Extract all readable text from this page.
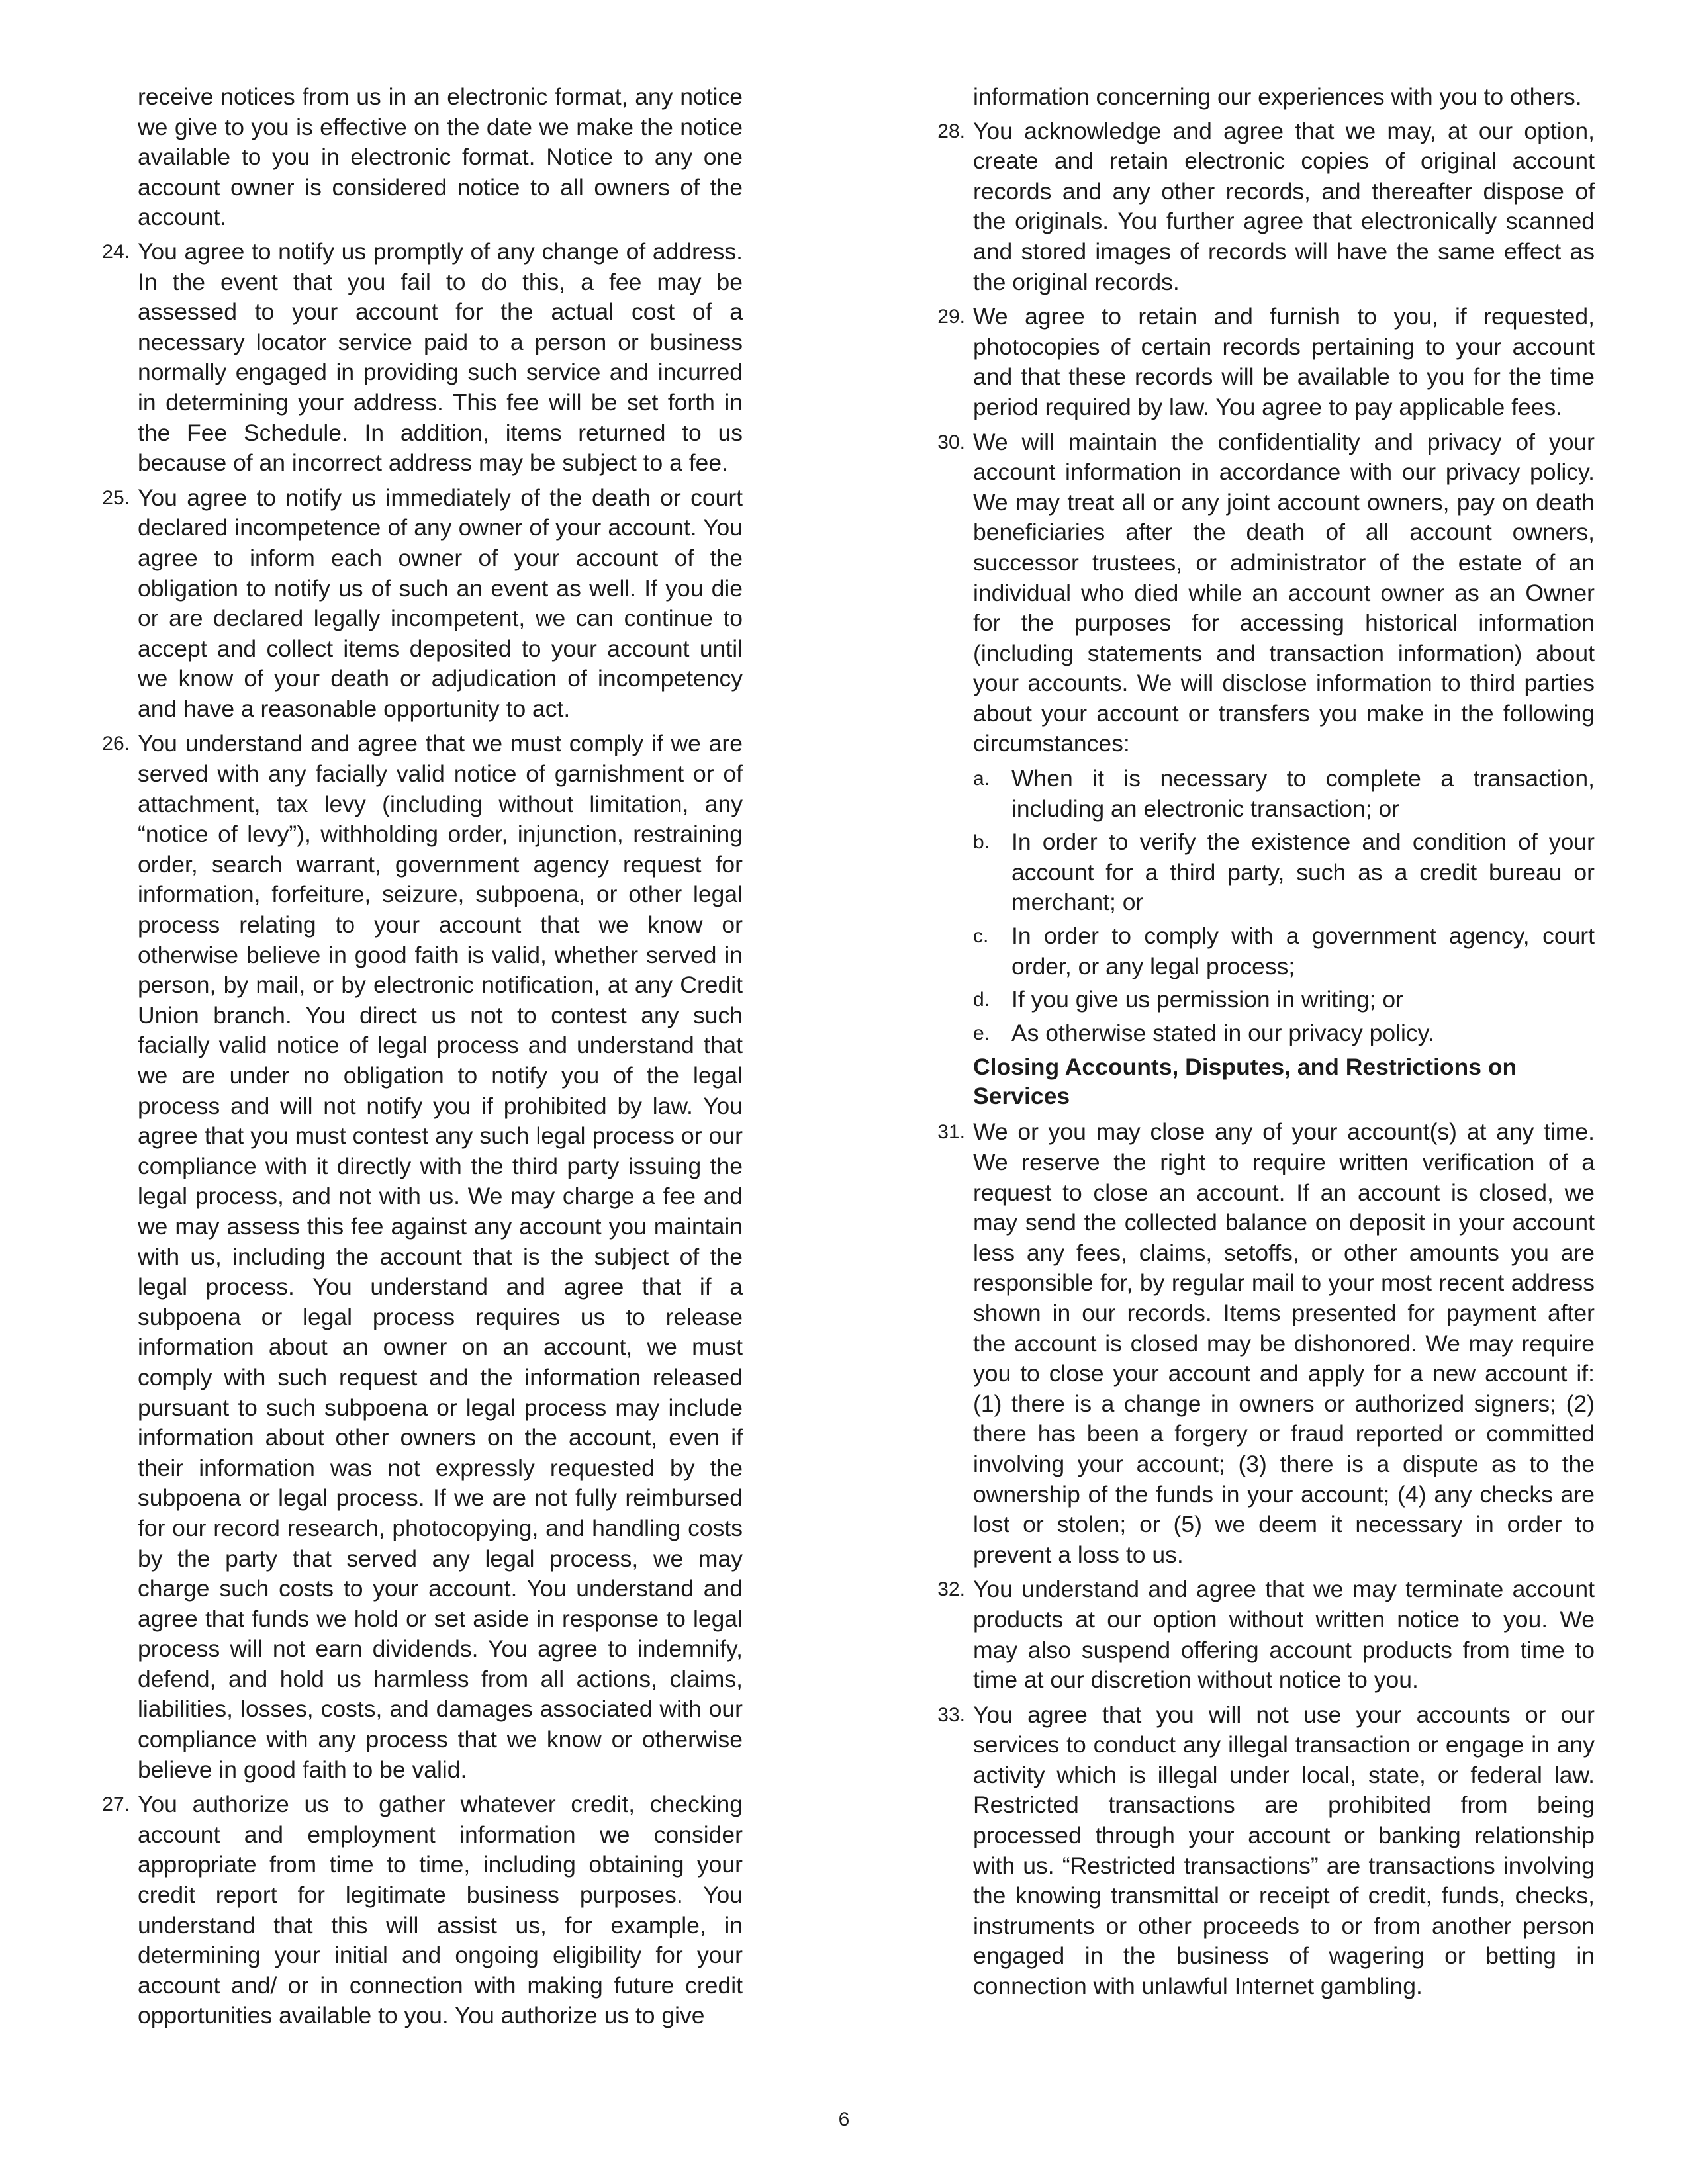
receive notices from us in an electronic format, any notice we give to you is effective on the date we make the notice available to you in electronic format. Notice to any one account owner is considered notice to all owners of the account.
24. You agree to notify us promptly of any change of address. In the event that you fail to do this, a fee may be assessed to your account for the actual cost of a necessary locator service paid to a person or business normally engaged in providing such service and incurred in determining your address. This fee will be set forth in the Fee Schedule. In addition, items returned to us because of an incorrect address may be subject to a fee.
25. You agree to notify us immediately of the death or court declared incompetence of any owner of your account. You agree to inform each owner of your account of the obligation to notify us of such an event as well. If you die or are declared legally incompetent, we can continue to accept and collect items deposited to your account until we know of your death or adjudication of incompetency and have a reasonable opportunity to act.
26. You understand and agree that we must comply if we are served with any facially valid notice of garnishment or of attachment, tax levy (including without limitation, any “notice of levy”), withholding order, injunction, restraining order, search warrant, government agency request for information, forfeiture, seizure, subpoena, or other legal process relating to your account that we know or otherwise believe in good faith is valid, whether served in person, by mail, or by electronic notification, at any Credit Union branch. You direct us not to contest any such facially valid notice of legal process and understand that we are under no obligation to notify you of the legal process and will not notify you if prohibited by law. You agree that you must contest any such legal process or our compliance with it directly with the third party issuing the legal process, and not with us. We may charge a fee and we may assess this fee against any account you maintain with us, including the account that is the subject of the legal process. You understand and agree that if a subpoena or legal process requires us to release information about an owner on an account, we must comply with such request and the information released pursuant to such subpoena or legal process may include information about other owners on the account, even if their information was not expressly requested by the subpoena or legal process. If we are not fully reimbursed for our record research, photocopying, and handling costs by the party that served any legal process, we may charge such costs to your account. You understand and agree that funds we hold or set aside in response to legal process will not earn dividends. You agree to indemnify, defend, and hold us harmless from all actions, claims, liabilities, losses, costs, and damages associated with our compliance with any process that we know or otherwise believe in good faith to be valid.
27. You authorize us to gather whatever credit, checking account and employment information we consider appropriate from time to time, including obtaining your credit report for legitimate business purposes. You understand that this will assist us, for example, in determining your initial and ongoing eligibility for your account and/ or in connection with making future credit opportunities available to you. You authorize us to give
information concerning our experiences with you to others.
28. You acknowledge and agree that we may, at our option, create and retain electronic copies of original account records and any other records, and thereafter dispose of the originals. You further agree that electronically scanned and stored images of records will have the same effect as the original records.
29. We agree to retain and furnish to you, if requested, photocopies of certain records pertaining to your account and that these records will be available to you for the time period required by law. You agree to pay applicable fees.
30. We will maintain the confidentiality and privacy of your account information in accordance with our privacy policy. We may treat all or any joint account owners, pay on death beneficiaries after the death of all account owners, successor trustees, or administrator of the estate of an individual who died while an account owner as an Owner for the purposes for accessing historical information (including statements and transaction information) about your accounts. We will disclose information to third parties about your account or transfers you make in the following circumstances:
a. When it is necessary to complete a transaction, including an electronic transaction; or
b. In order to verify the existence and condition of your account for a third party, such as a credit bureau or merchant; or
c. In order to comply with a government agency, court order, or any legal process;
d. If you give us permission in writing; or
e. As otherwise stated in our privacy policy.
Closing Accounts, Disputes, and Restrictions on Services
31. We or you may close any of your account(s) at any time. We reserve the right to require written verification of a request to close an account. If an account is closed, we may send the collected balance on deposit in your account less any fees, claims, setoffs, or other amounts you are responsible for, by regular mail to your most recent address shown in our records. Items presented for payment after the account is closed may be dishonored. We may require you to close your account and apply for a new account if: (1) there is a change in owners or authorized signers; (2) there has been a forgery or fraud reported or committed involving your account; (3) there is a dispute as to the ownership of the funds in your account; (4) any checks are lost or stolen; or (5) we deem it necessary in order to prevent a loss to us.
32. You understand and agree that we may terminate account products at our option without written notice to you. We may also suspend offering account products from time to time at our discretion without notice to you.
33. You agree that you will not use your accounts or our services to conduct any illegal transaction or engage in any activity which is illegal under local, state, or federal law. Restricted transactions are prohibited from being processed through your account or banking relationship with us. “Restricted transactions” are transactions involving the knowing transmittal or receipt of credit, funds, checks, instruments or other proceeds to or from another person engaged in the business of wagering or betting in connection with unlawful Internet gambling.
6
